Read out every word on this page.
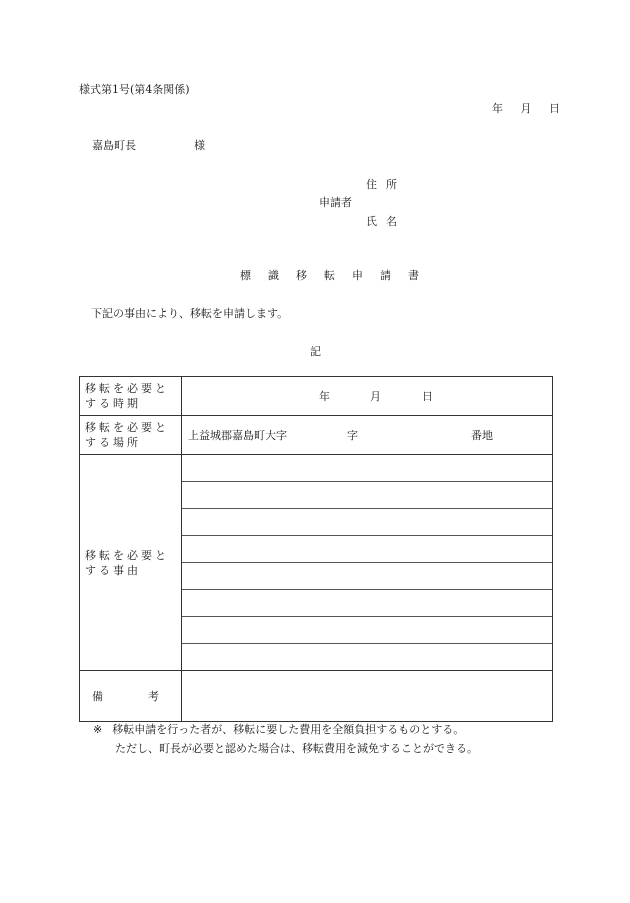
様式第1号(第4条関係)
年 月 日
嘉島町長	様
住所
申請者
氏名
標識移転申請書
下記の事由により、移転を申請します。
記
移転を必要と
する時期	年 月 日

移転を必要と
する場所	上益城郡嘉島町大字 字 番地

移転を必要と
する事由	

備　　　考	
※ 移転申請を行った者が、移転に要した費用を全額負担するものとする。
ただし、町長が必要と認めた場合は、移転費用を減免することができる。
